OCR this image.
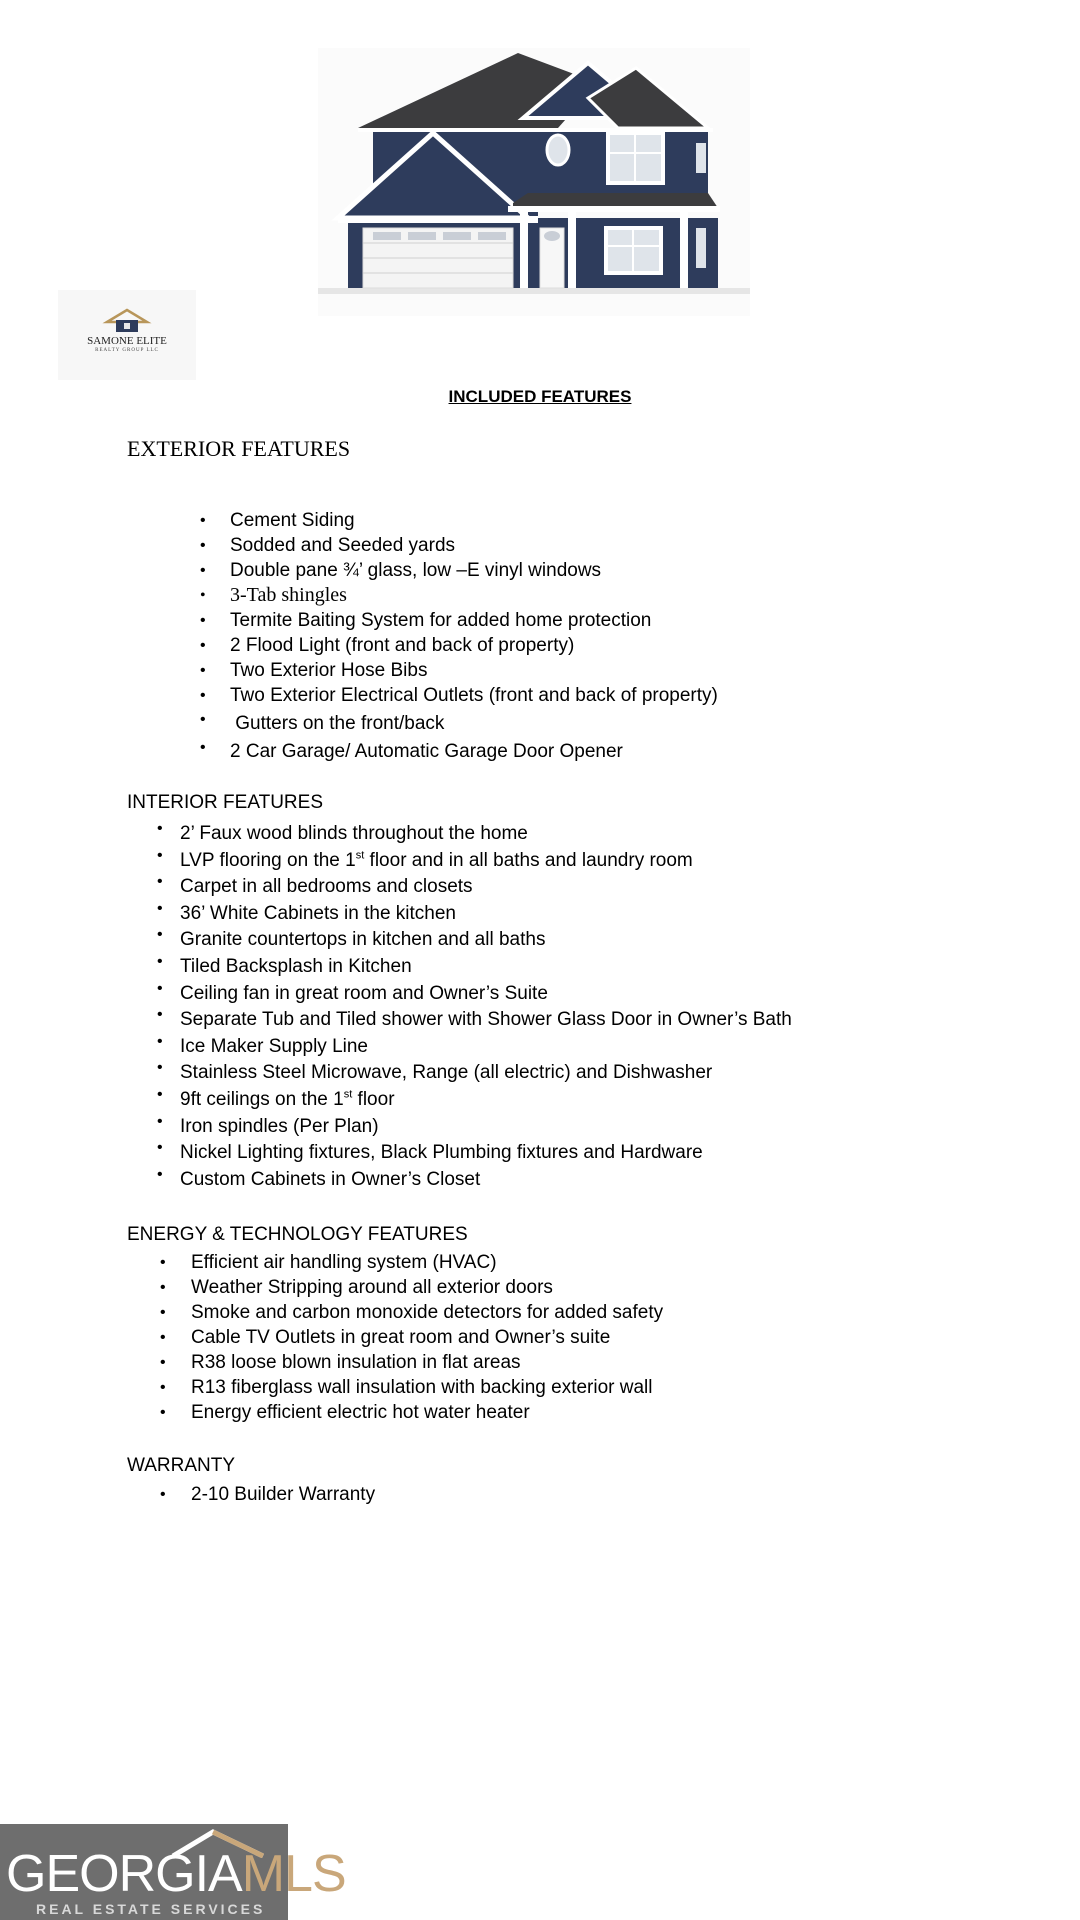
SAMONE ELITE
REALTY GROUP LLC
INCLUDED FEATURES
EXTERIOR FEATURES
• Cement Siding
• Sodded and Seeded yards
• Double pane ¾’ glass, low –E vinyl windows
• 3-Tab shingles
• Termite Baiting System for added home protection
• 2 Flood Light (front and back of property)
• Two Exterior Hose Bibs
• Two Exterior Electrical Outlets (front and back of property)
•  Gutters on the front/back
• 2 Car Garage/ Automatic Garage Door Opener
INTERIOR FEATURES
• 2’ Faux wood blinds throughout the home
• LVP flooring on the 1st floor and in all baths and laundry room
• Carpet in all bedrooms and closets
• 36’ White Cabinets in the kitchen
• Granite countertops in kitchen and all baths
• Tiled Backsplash in Kitchen
• Ceiling fan in great room and Owner’s Suite
• Separate Tub and Tiled shower with Shower Glass Door in Owner’s Bath
• Ice Maker Supply Line
• Stainless Steel Microwave, Range (all electric) and Dishwasher
• 9ft ceilings on the 1st floor
• Iron spindles (Per Plan)
• Nickel Lighting fixtures, Black Plumbing fixtures and Hardware
• Custom Cabinets in Owner’s Closet
ENERGY & TECHNOLOGY FEATURES
• Efficient air handling system (HVAC)
• Weather Stripping around all exterior doors
• Smoke and carbon monoxide detectors for added safety
• Cable TV Outlets in great room and Owner’s suite
• R38 loose blown insulation in flat areas
• R13 fiberglass wall insulation with backing exterior wall
• Energy efficient electric hot water heater
WARRANTY
• 2-10 Builder Warranty
GEORGIAMLS
REAL ESTATE SERVICES
